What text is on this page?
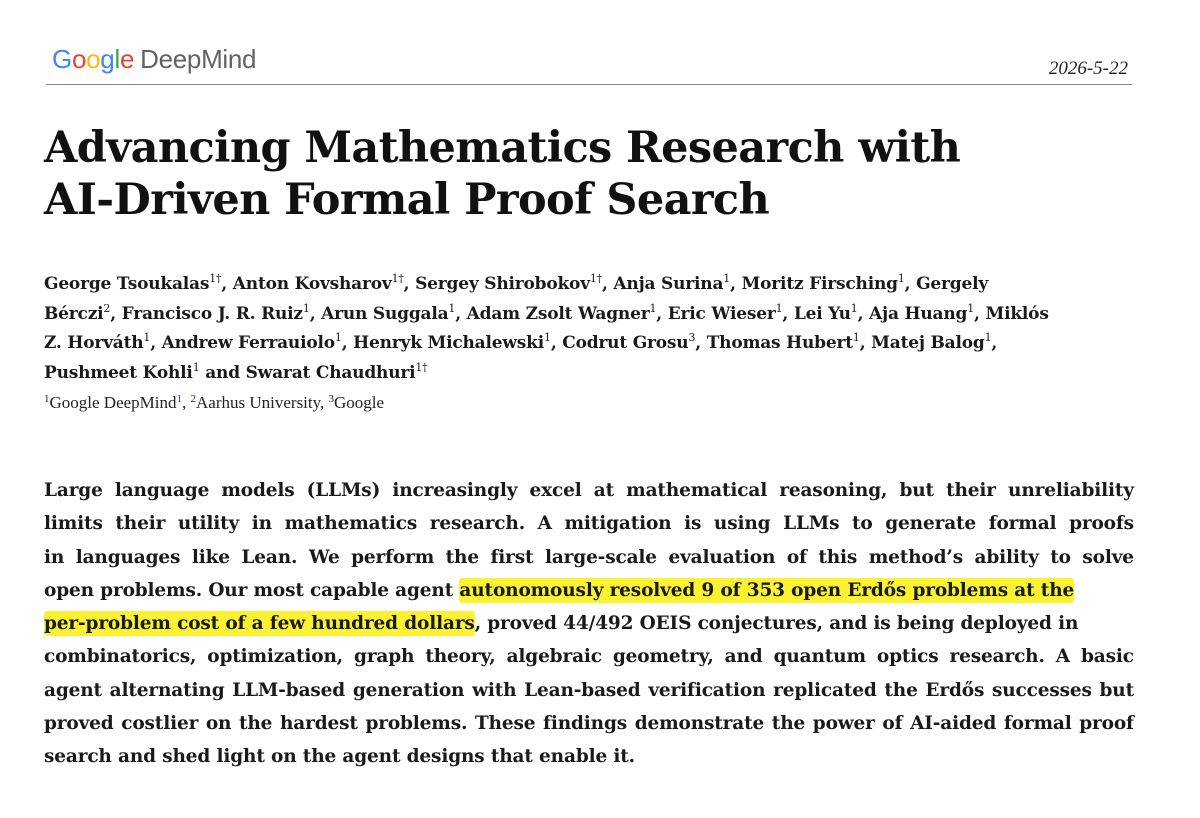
Google DeepMind	2026-5-22
Advancing Mathematics Research with
AI-Driven Formal Proof Search
George Tsoukalas$^{1\dagger}$, Anton Kovsharov$^{1\dagger}$, Sergey Shirobokov$^{1\dagger}$, Anja Surina$^1$, Moritz Firsching$^1$, Gergely
Bérczi$^2$, Francisco J. R. Ruiz$^1$, Arun Suggala$^1$, Adam Zsolt Wagner$^1$, Eric Wieser$^1$, Lei Yu$^1$, Aja Huang$^1$, Miklós
Z. Horváth$^1$, Andrew Ferrauiolo$^1$, Henryk Michalewski$^1$, Codrut Grosu$^3$, Thomas Hubert$^1$, Matej Balog$^1$,
Pushmeet Kohli$^1$ and Swarat Chaudhuri$^{1\dagger}$
$^1$Google DeepMind$^1$, $^2$Aarhus University, $^3$Google
Large language models (LLMs) increasingly excel at mathematical reasoning, but their unreliability
limits their utility in mathematics research. A mitigation is using LLMs to generate formal proofs
in languages like Lean. We perform the first large-scale evaluation of this method’s ability to solve
open problems. Our most capable agent autonomously resolved 9 of 353 open Erdős problems at the
per-problem cost of a few hundred dollars, proved 44/492 OEIS conjectures, and is being deployed in
combinatorics, optimization, graph theory, algebraic geometry, and quantum optics research. A basic
agent alternating LLM-based generation with Lean-based verification replicated the Erdős successes but
proved costlier on the hardest problems. These findings demonstrate the power of AI-aided formal proof
search and shed light on the agent designs that enable it.
